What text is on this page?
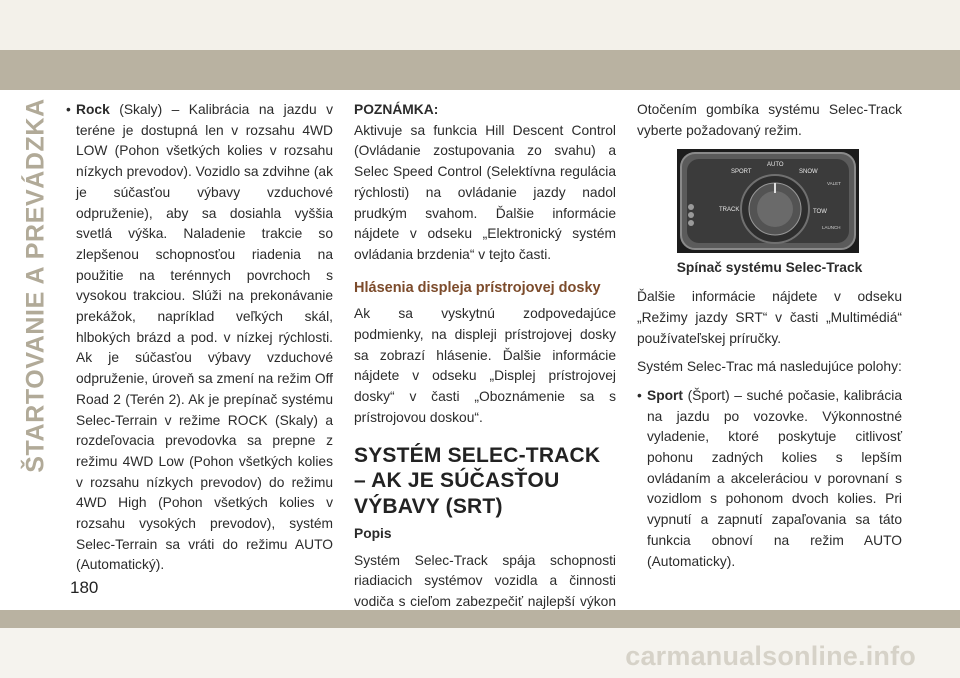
ŠTARTOVANIE A PREVÁDZKA • Rock (Skaly) – Kalibrácia na jazdu v teréne je dostupná len v rozsahu 4WD LOW (Pohon všetkých kolies v rozsahu nízkych prevodov). Vozidlo sa zdvihne (ak je súčasťou výbavy vzduchové odpruženie), aby sa dosiahla vyššia svetlá výška. Naladenie trakcie so zlepšenou schopnosťou riadenia na použitie na terénnych povrchoch s vysokou trakciou. Slúži na prekonávanie prekážok, napríklad veľkých skál, hlbokých brázd a pod. v nízkej rýchlosti. Ak je súčasťou výbavy vzduchové odpruženie, úroveň sa zmení na režim Off Road 2 (Terén 2). Ak je prepínač systému Selec-Terrain v režime ROCK (Skaly) a rozdeľovacia prevodovka sa prepne z režimu 4WD Low (Pohon všetkých kolies v rozsahu nízkych prevodov) do režimu 4WD High (Pohon všetkých kolies v rozsahu vysokých prevodov), systém Selec-Terrain sa vráti do režimu AUTO (Automatický).

POZNÁMKA:

Aktivuje sa funkcia Hill Descent Control (Ovládanie zostupovania zo svahu) a Selec Speed Control (Selektívna regulácia rýchlosti) na ovládanie jazdy nadol prudkým svahom. Ďalšie informácie nájdete v odseku „Elektronický systém ovládania brzdenia“ v tejto časti.

Hlásenia displeja prístrojovej dosky

Ak sa vyskytnú zodpovedajúce podmienky, na displeji prístrojovej dosky sa zobrazí hlásenie. Ďalšie informácie nájdete v odseku „Displej prístrojovej dosky“ v časti „Oboznámenie sa s prístrojovou doskou“.

SYSTÉM SELEC-TRACK – AK JE SÚČASŤOU VÝBAVY (SRT)

Popis

Systém Selec-Track spája schopnosti riadiacich systémov vozidla a činnosti vodiča s cieľom zabezpečiť najlepší výkon

Otočením gombíka systému Selec-Track vyberte požadovaný režim.

AUTO
SPORT	SNOW
TRACK	TOW
VALET
LAUNCH

Spínač systému Selec-Track

Ďalšie informácie nájdete v odseku „Režimy jazdy SRT“ v časti „Multimédiá“ používateľskej príručky.

Systém Selec-Trac má nasledujúce polohy:

• Sport (Šport) – suché počasie, kalibrácia na jazdu po vozovke. Výkonnostné vyladenie, ktoré poskytuje citlivosť pohonu zadných kolies s lepším ovládaním a akceleráciou v porovnaní s vozidlom s pohonom dvoch kolies. Pri vypnutí a zapnutí zapaľovania sa táto funkcia obnoví na režim AUTO (Automaticky).

180
carmanualsonline.info
